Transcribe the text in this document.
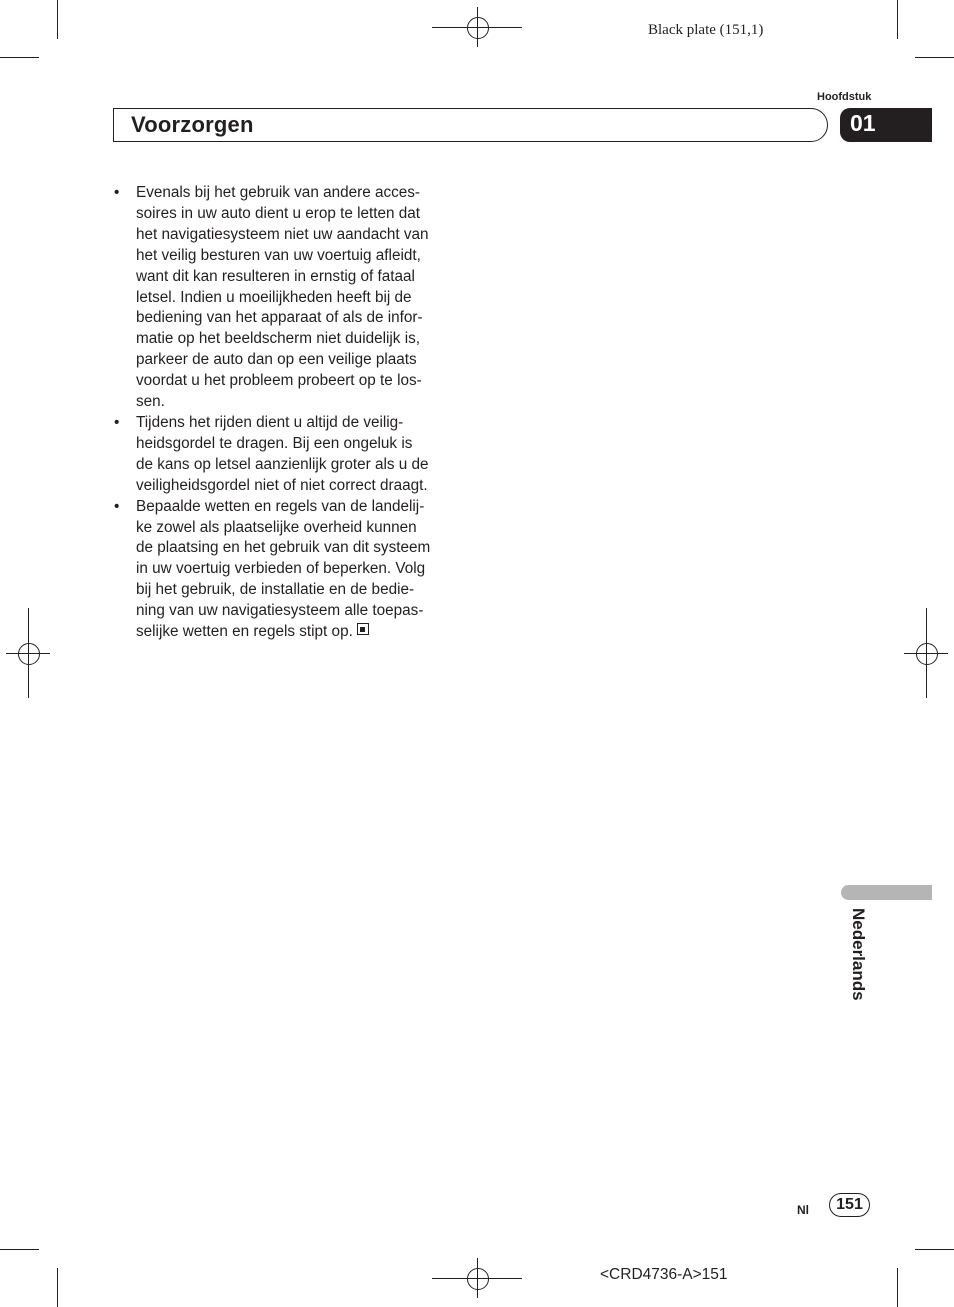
Black plate (151,1)
Hoofdstuk
Voorzorgen	01
• Evenals bij het gebruik van andere acces-
soires in uw auto dient u erop te letten dat
het navigatiesysteem niet uw aandacht van
het veilig besturen van uw voertuig afleidt,
want dit kan resulteren in ernstig of fataal
letsel. Indien u moeilijkheden heeft bij de
bediening van het apparaat of als de infor-
matie op het beeldscherm niet duidelijk is,
parkeer de auto dan op een veilige plaats
voordat u het probleem probeert op te los-
sen.
• Tijdens het rijden dient u altijd de veilig-
heidsgordel te dragen. Bij een ongeluk is
de kans op letsel aanzienlijk groter als u de
veiligheidsgordel niet of niet correct draagt.
• Bepaalde wetten en regels van de landelij-
ke zowel als plaatselijke overheid kunnen
de plaatsing en het gebruik van dit systeem
in uw voertuig verbieden of beperken. Volg
bij het gebruik, de installatie en de bedie-
ning van uw navigatiesysteem alle toepas-
selijke wetten en regels stipt op.
Nederlands
Nl	151
<CRD4736-A>151
